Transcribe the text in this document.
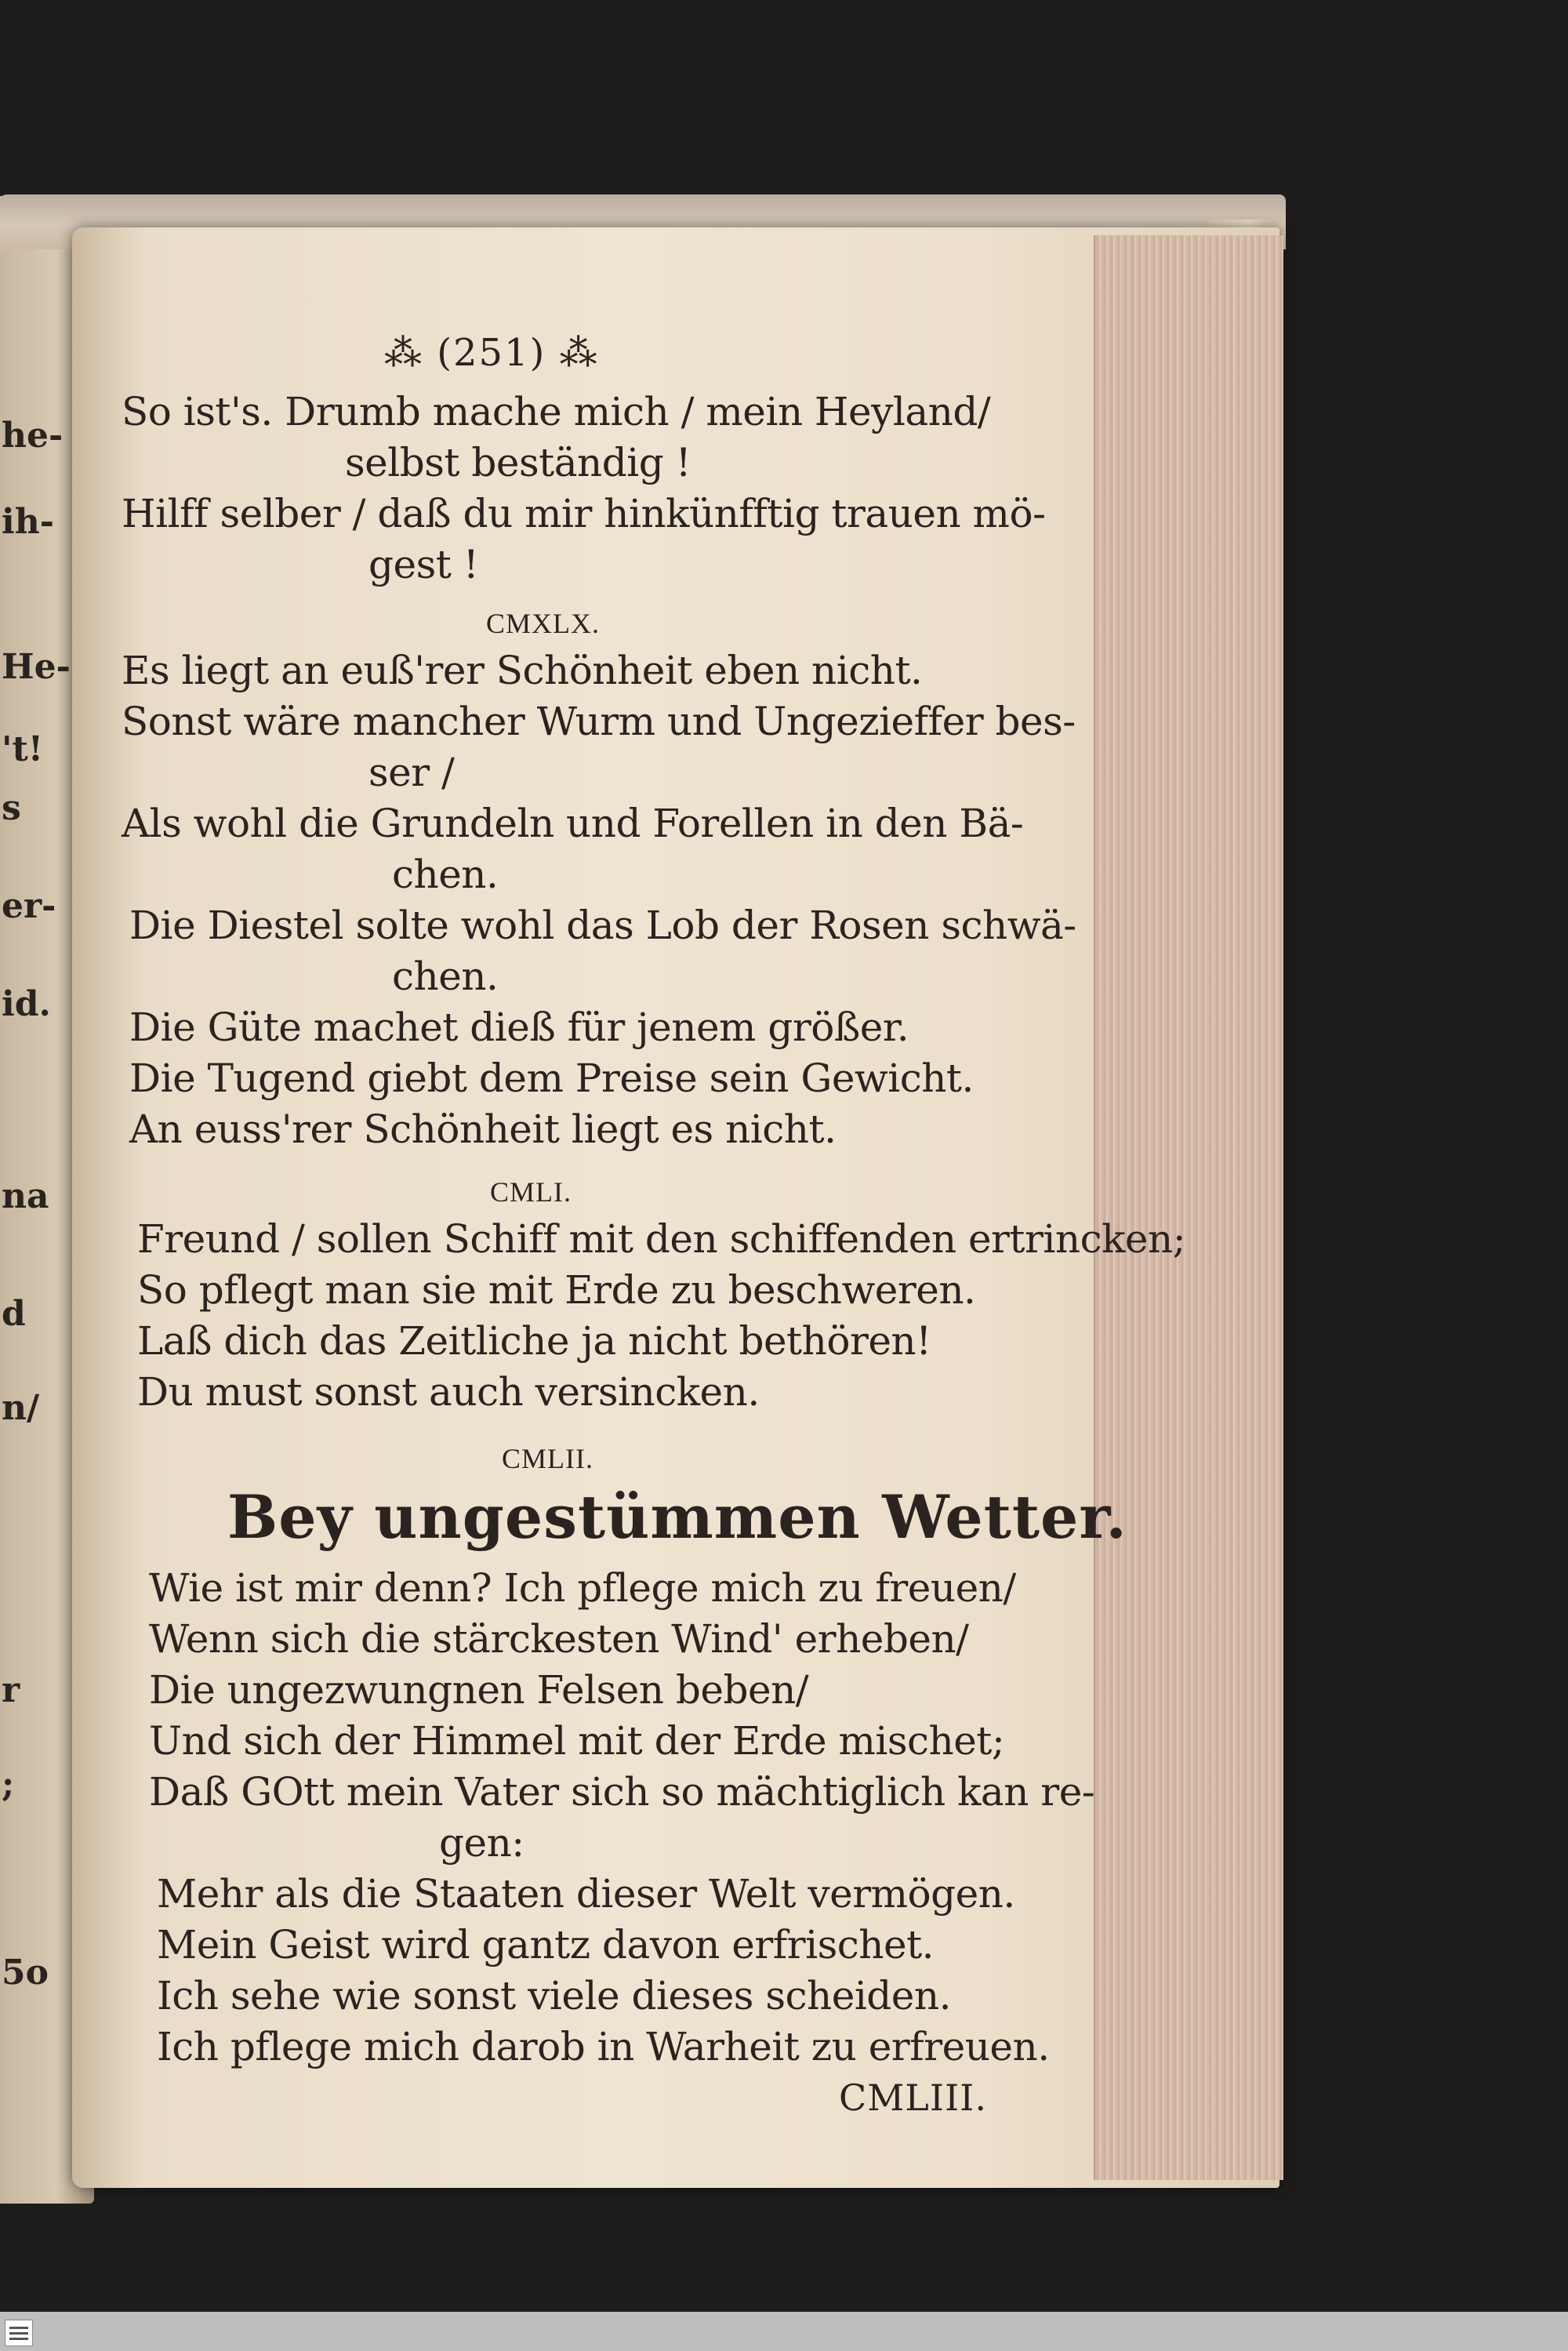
he-
ih-
He-
't!
s
er-
id.
na
d
n/
r
;
5o
⁂ (251) ⁂
So ist's. Drumb mache mich / mein Heyland/
selbst beständig !
Hilff selber / daß du mir hinkünfftig trauen mö-
gest !
CMXLX.
Es liegt an euß'rer Schönheit eben nicht.
Sonst wäre mancher Wurm und Ungezieffer bes-
ser /
Als wohl die Grundeln und Forellen in den Bä-
chen.
Die Diestel solte wohl das Lob der Rosen schwä-
chen.
Die Güte machet dieß für jenem größer.
Die Tugend giebt dem Preise sein Gewicht.
An euss'rer Schönheit liegt es nicht.
CMLI.
Freund / sollen Schiff mit den schiffenden ertrincken;
So pflegt man sie mit Erde zu beschweren.
Laß dich das Zeitliche ja nicht bethören!
Du must sonst auch versincken.
CMLII.
Bey ungestümmen Wetter.
Wie ist mir denn? Ich pflege mich zu freuen/
Wenn sich die stärckesten Wind' erheben/
Die ungezwungnen Felsen beben/
Und sich der Himmel mit der Erde mischet;
Daß GOtt mein Vater sich so mächtiglich kan re-
gen:
Mehr als die Staaten dieser Welt vermögen.
Mein Geist wird gantz davon erfrischet.
Ich sehe wie sonst viele dieses scheiden.
Ich pflege mich darob in Warheit zu erfreuen.
CMLIII.
